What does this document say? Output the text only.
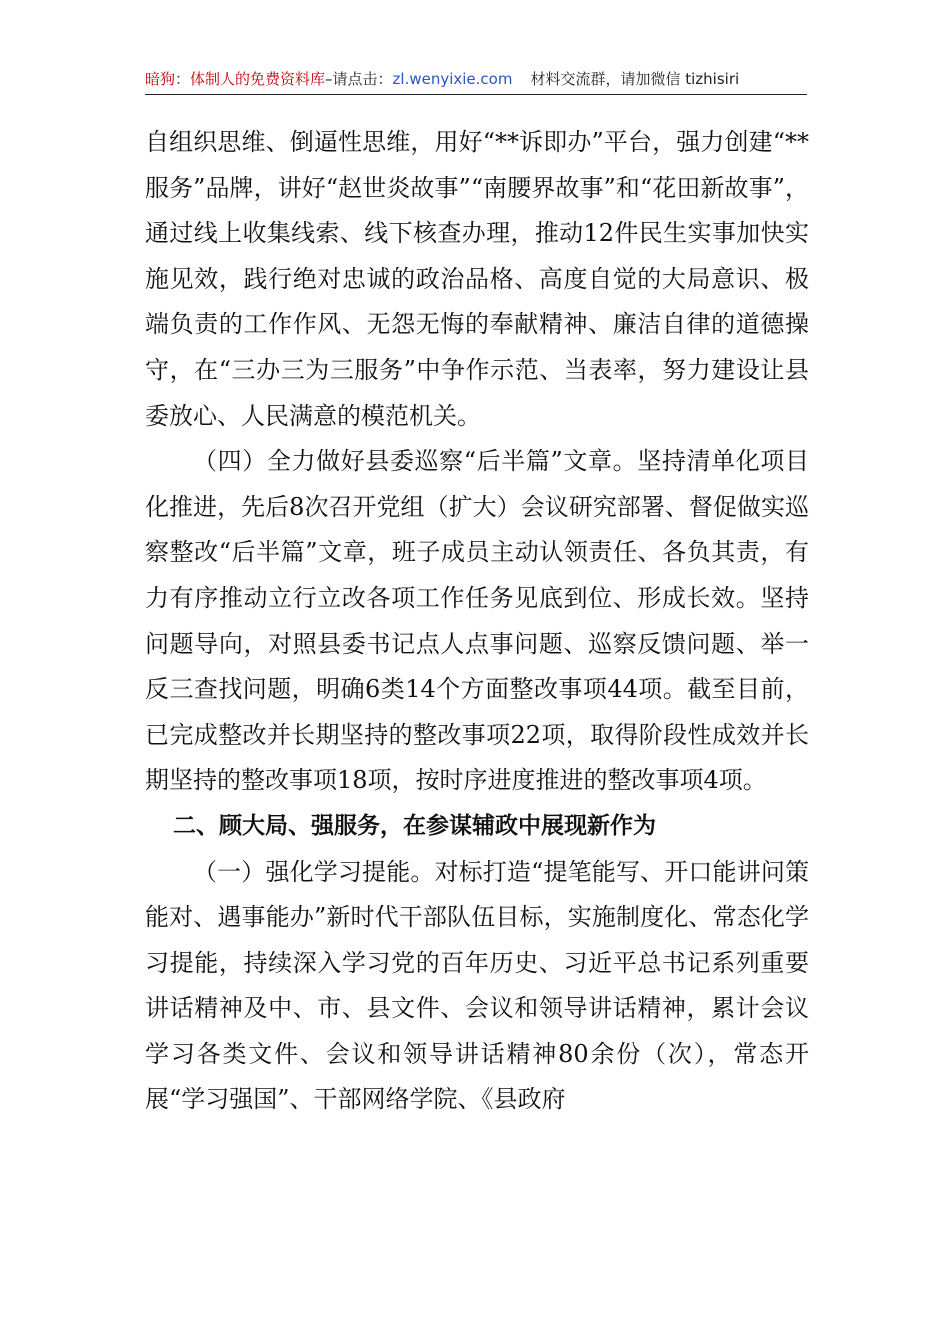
暗狗：体制人的免费资料库–请点击：zl.wenyixie.com 材料交流群，请加微信 tizhisiri

自组织思维、倒逼性思维，用好“**诉即办”平台，强力创建“**服务”品牌，讲好“赵世炎故事”“南腰界故事”和“花田新故事”，通过线上收集线索、线下核查办理，推动12件民生实事加快实施见效，践行绝对忠诚的政治品格、高度自觉的大局意识、极端负责的工作作风、无怨无悔的奉献精神、廉洁自律的道德操守，在“三办三为三服务”中争作示范、当表率，努力建设让县委放心、人民满意的模范机关。

（四）全力做好县委巡察“后半篇”文章。坚持清单化项目化推进，先后8次召开党组（扩大）会议研究部署、督促做实巡察整改“后半篇”文章，班子成员主动认领责任、各负其责，有力有序推动立行立改各项工作任务见底到位、形成长效。坚持问题导向，对照县委书记点人点事问题、巡察反馈问题、举一反三查找问题，明确6类14个方面整改事项44项。截至目前，已完成整改并长期坚持的整改事项22项，取得阶段性成效并长期坚持的整改事项18项，按时序进度推进的整改事项4项。

二、顾大局、强服务，在参谋辅政中展现新作为

（一）强化学习提能。对标打造“提笔能写、开口能讲问策能对、遇事能办”新时代干部队伍目标，实施制度化、常态化学习提能，持续深入学习党的百年历史、习近平总书记系列重要讲话精神及中、市、县文件、会议和领导讲话精神，累计会议学习各类文件、会议和领导讲话精神80余份（次），常态开展“学习强国”、干部网络学院、《县政府
